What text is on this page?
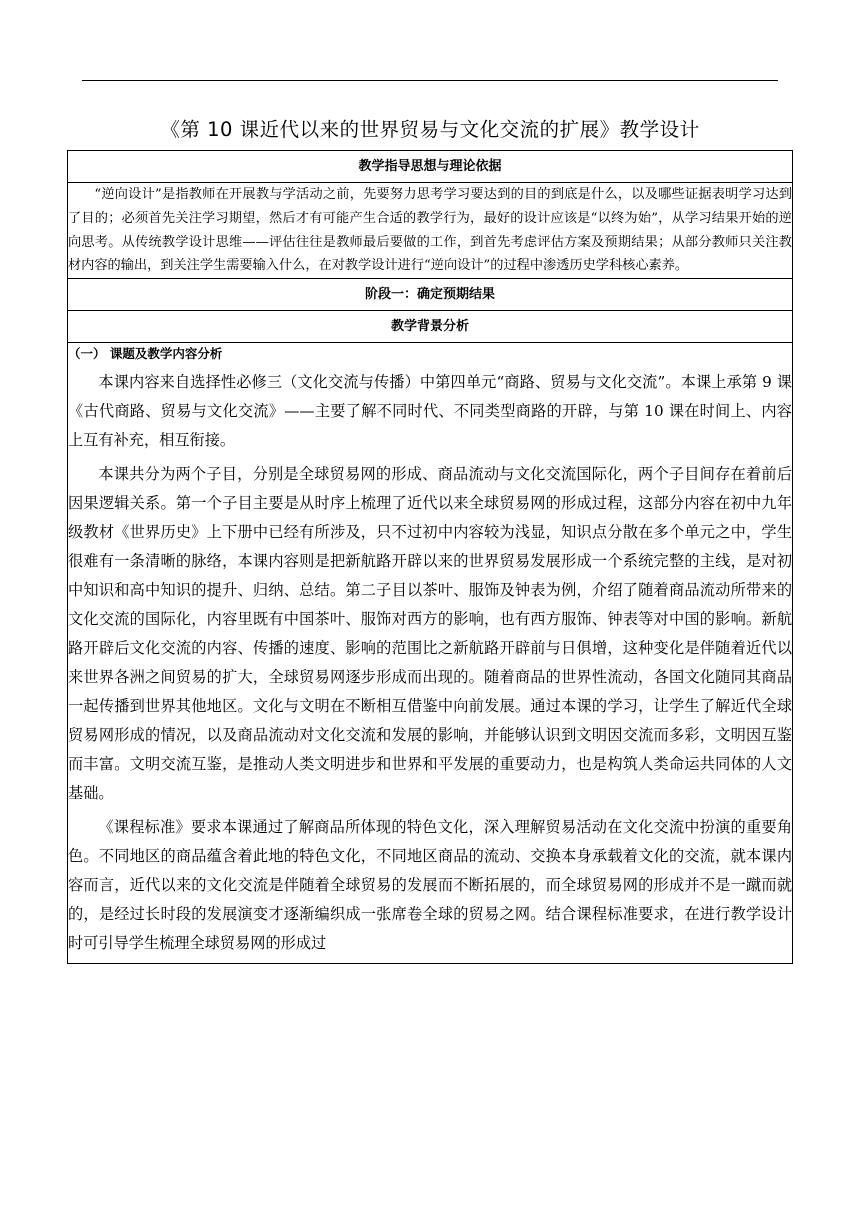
《第 10 课近代以来的世界贸易与文化交流的扩展》教学设计
教学指导思想与理论依据

“逆向设计”是指教师在开展教与学活动之前，先要努力思考学习要达到的目的到底是什么，以及哪些证据表明学习达到了目的；必须首先关注学习期望，然后才有可能产生合适的教学行为，最好的设计应该是“以终为始”，从学习结果开始的逆向思考。从传统教学设计思维——评估往往是教师最后要做的工作，到首先考虑评估方案及预期结果；从部分教师只关注教材内容的输出，到关注学生需要输入什么，在对教学设计进行“逆向设计”的过程中渗透历史学科核心素养。

阶段一：确定预期结果
教学背景分析

（一） 课题及教学内容分析

本课内容来自选择性必修三（文化交流与传播）中第四单元“商路、贸易与文化交流”。本课上承第 9 课《古代商路、贸易与文化交流》——主要了解不同时代、不同类型商路的开辟，与第 10 课在时间上、内容上互有补充，相互衔接。

本课共分为两个子目，分别是全球贸易网的形成、商品流动与文化交流国际化，两个子目间存在着前后因果逻辑关系。第一个子目主要是从时序上梳理了近代以来全球贸易网的形成过程，这部分内容在初中九年级教材《世界历史》上下册中已经有所涉及，只不过初中内容较为浅显，知识点分散在多个单元之中，学生很难有一条清晰的脉络，本课内容则是把新航路开辟以来的世界贸易发展形成一个系统完整的主线，是对初中知识和高中知识的提升、归纳、总结。第二子目以茶叶、服饰及钟表为例，介绍了随着商品流动所带来的文化交流的国际化，内容里既有中国茶叶、服饰对西方的影响，也有西方服饰、钟表等对中国的影响。新航路开辟后文化交流的内容、传播的速度、影响的范围比之新航路开辟前与日俱增，这种变化是伴随着近代以来世界各洲之间贸易的扩大，全球贸易网逐步形成而出现的。随着商品的世界性流动，各国文化随同其商品一起传播到世界其他地区。文化与文明在不断相互借鉴中向前发展。通过本课的学习，让学生了解近代全球贸易网形成的情况，以及商品流动对文化交流和发展的影响，并能够认识到文明因交流而多彩，文明因互鉴而丰富。文明交流互鉴，是推动人类文明进步和世界和平发展的重要动力，也是构筑人类命运共同体的人文基础。

《课程标准》要求本课通过了解商品所体现的特色文化，深入理解贸易活动在文化交流中扮演的重要角色。不同地区的商品蕴含着此地的特色文化，不同地区商品的流动、交换本身承载着文化的交流，就本课内容而言，近代以来的文化交流是伴随着全球贸易的发展而不断拓展的，而全球贸易网的形成并不是一蹴而就的，是经过长时段的发展演变才逐渐编织成一张席卷全球的贸易之网。结合课程标准要求，在进行教学设计时可引导学生梳理全球贸易网的形成过
